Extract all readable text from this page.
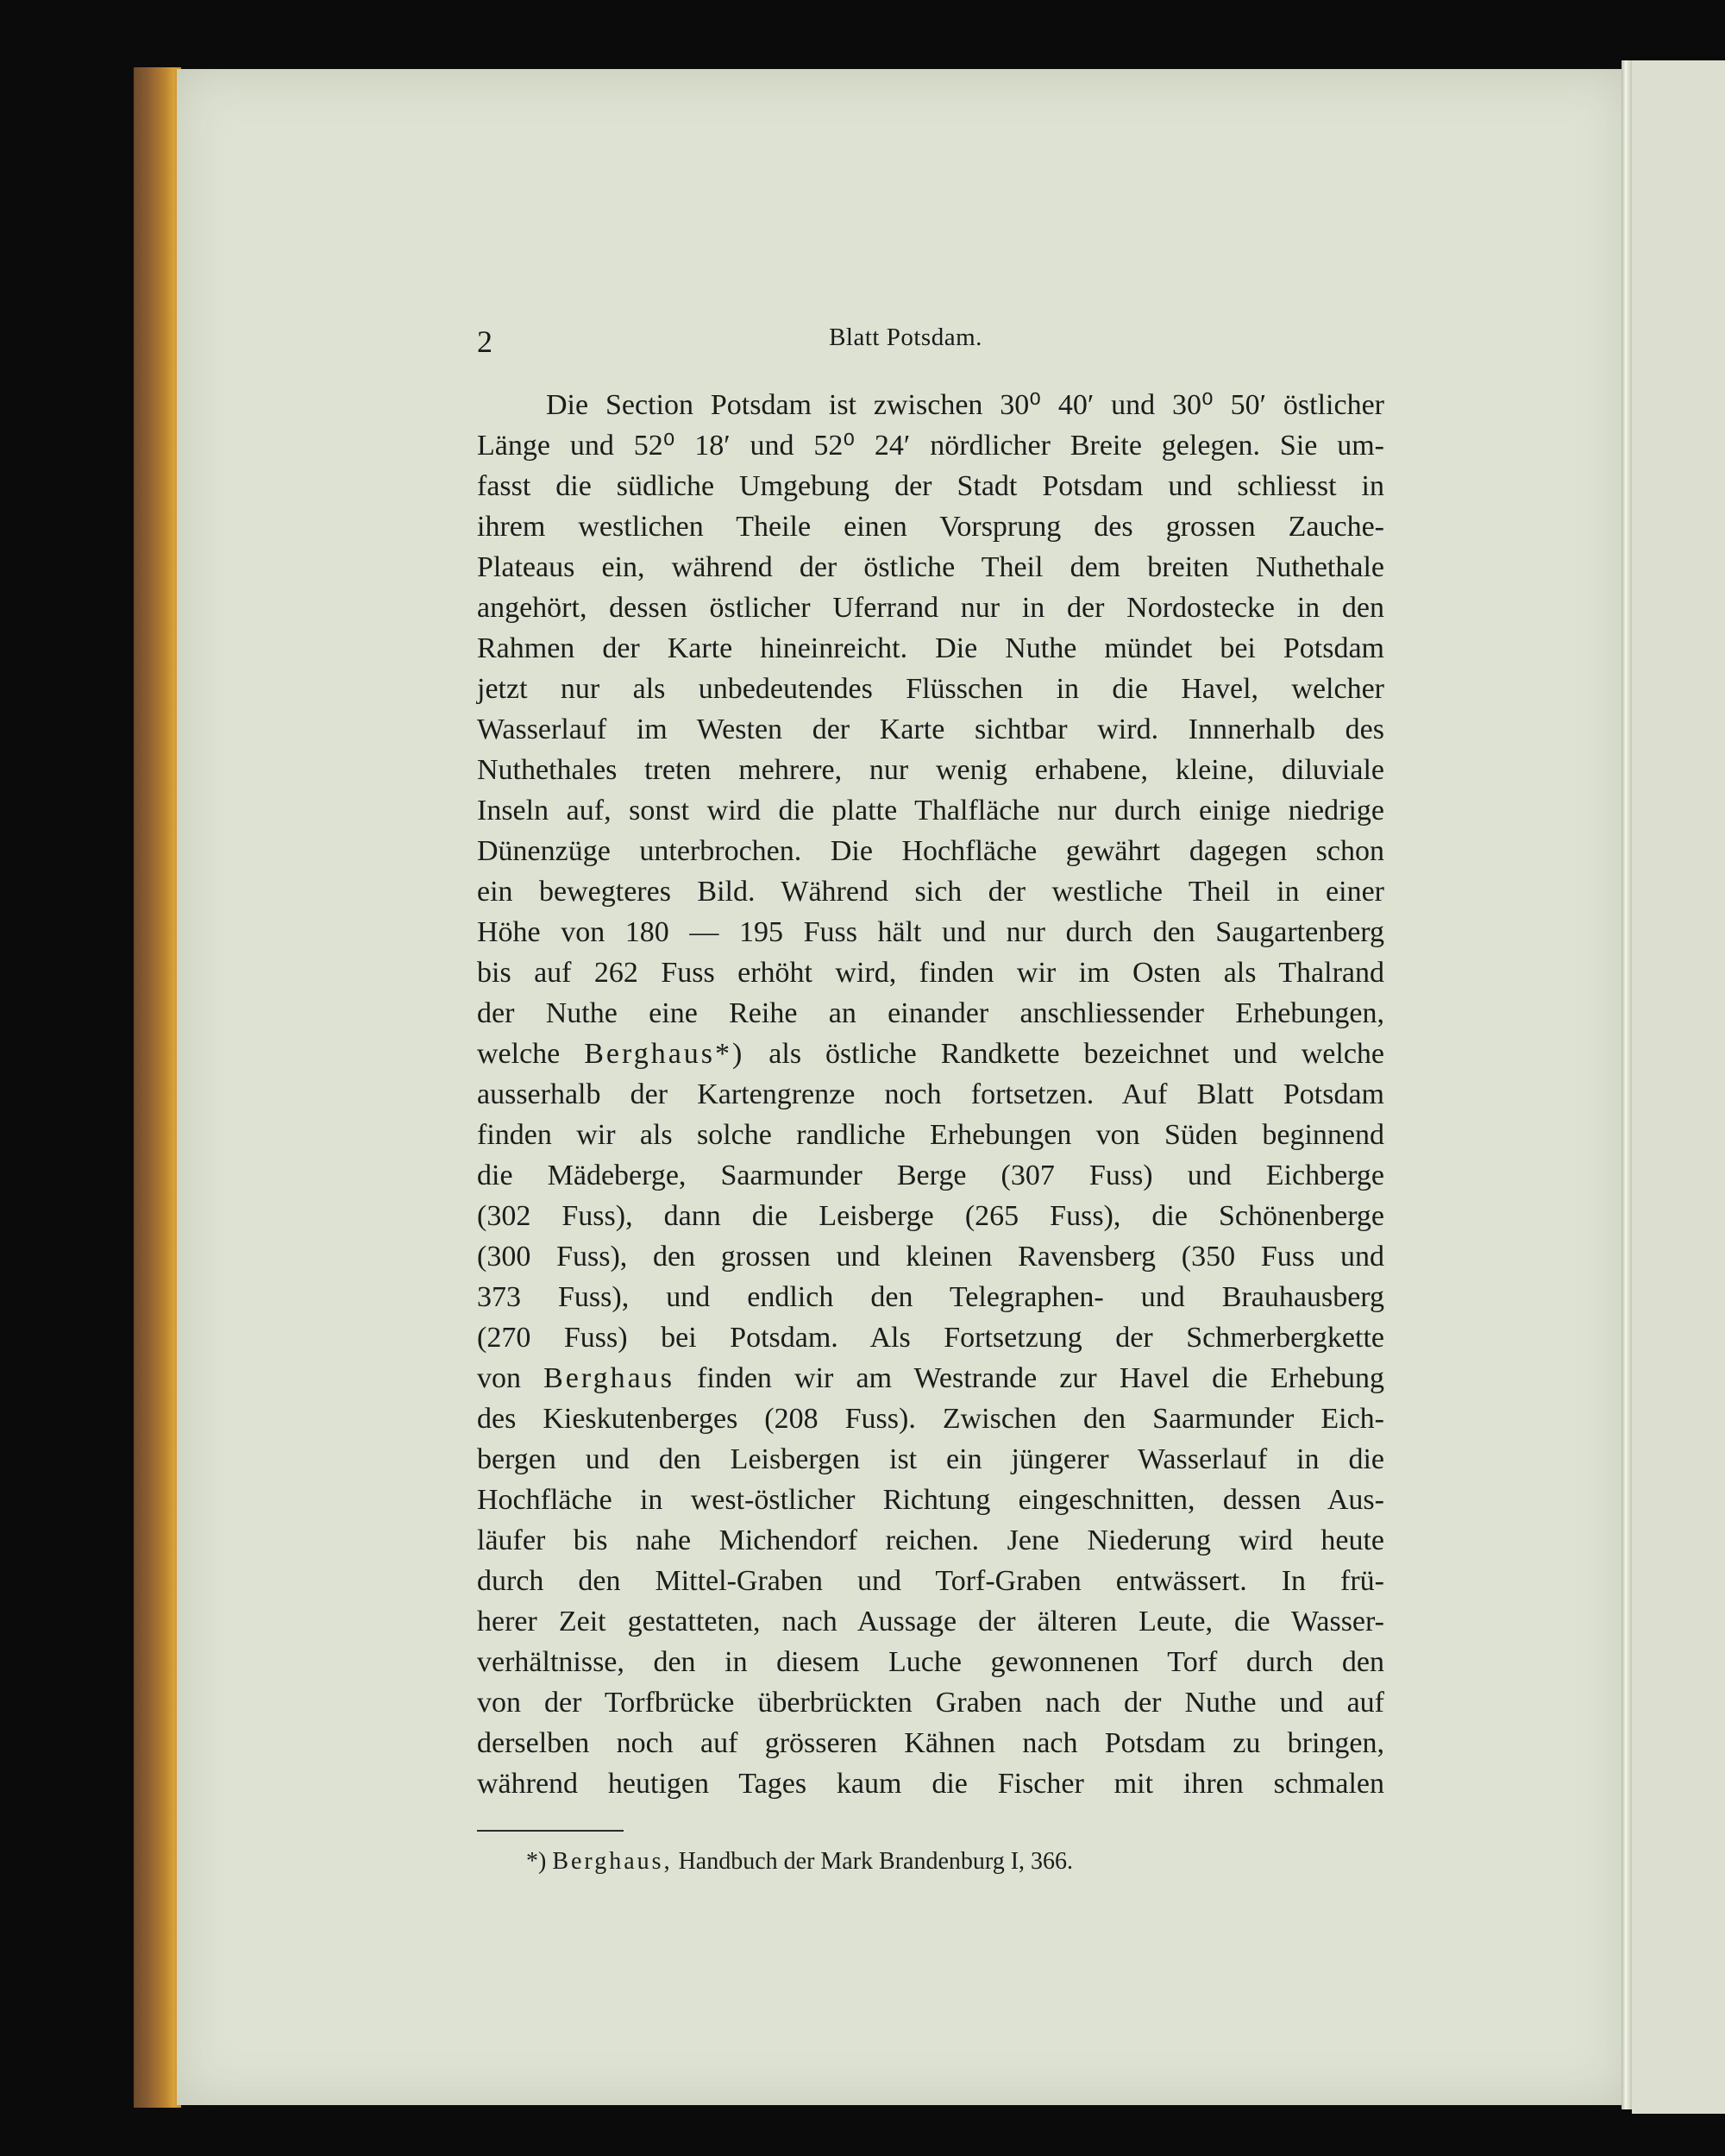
2	Blatt Potsdam.
Die Section Potsdam ist zwischen 30⁰ 40′ und 30⁰ 50′ östlicher
Länge und 52⁰ 18′ und 52⁰ 24′ nördlicher Breite gelegen. Sie um-
fasst die südliche Umgebung der Stadt Potsdam und schliesst in
ihrem westlichen Theile einen Vorsprung des grossen Zauche-
Plateaus ein, während der östliche Theil dem breiten Nuthethale
angehört, dessen östlicher Uferrand nur in der Nordostecke in den
Rahmen der Karte hineinreicht. Die Nuthe mündet bei Potsdam
jetzt nur als unbedeutendes Flüsschen in die Havel, welcher
Wasserlauf im Westen der Karte sichtbar wird. Innnerhalb des
Nuthethales treten mehrere, nur wenig erhabene, kleine, diluviale
Inseln auf, sonst wird die platte Thalfläche nur durch einige niedrige
Dünenzüge unterbrochen. Die Hochfläche gewährt dagegen schon
ein bewegteres Bild. Während sich der westliche Theil in einer
Höhe von 180 — 195 Fuss hält und nur durch den Saugartenberg
bis auf 262 Fuss erhöht wird, finden wir im Osten als Thalrand
der Nuthe eine Reihe an einander anschliessender Erhebungen,
welche Berghaus*) als östliche Randkette bezeichnet und welche
ausserhalb der Kartengrenze noch fortsetzen. Auf Blatt Potsdam
finden wir als solche randliche Erhebungen von Süden beginnend
die Mädeberge, Saarmunder Berge (307 Fuss) und Eichberge
(302 Fuss), dann die Leisberge (265 Fuss), die Schönenberge
(300 Fuss), den grossen und kleinen Ravensberg (350 Fuss und
373 Fuss), und endlich den Telegraphen- und Brauhausberg
(270 Fuss) bei Potsdam. Als Fortsetzung der Schmerbergkette
von Berghaus finden wir am Westrande zur Havel die Erhebung
des Kieskutenberges (208 Fuss). Zwischen den Saarmunder Eich-
bergen und den Leisbergen ist ein jüngerer Wasserlauf in die
Hochfläche in west-östlicher Richtung eingeschnitten, dessen Aus-
läufer bis nahe Michendorf reichen. Jene Niederung wird heute
durch den Mittel-Graben und Torf-Graben entwässert. In frü-
herer Zeit gestatteten, nach Aussage der älteren Leute, die Wasser-
verhältnisse, den in diesem Luche gewonnenen Torf durch den
von der Torfbrücke überbrückten Graben nach der Nuthe und auf
derselben noch auf grösseren Kähnen nach Potsdam zu bringen,
während heutigen Tages kaum die Fischer mit ihren schmalen
*) Berghaus, Handbuch der Mark Brandenburg I, 366.
